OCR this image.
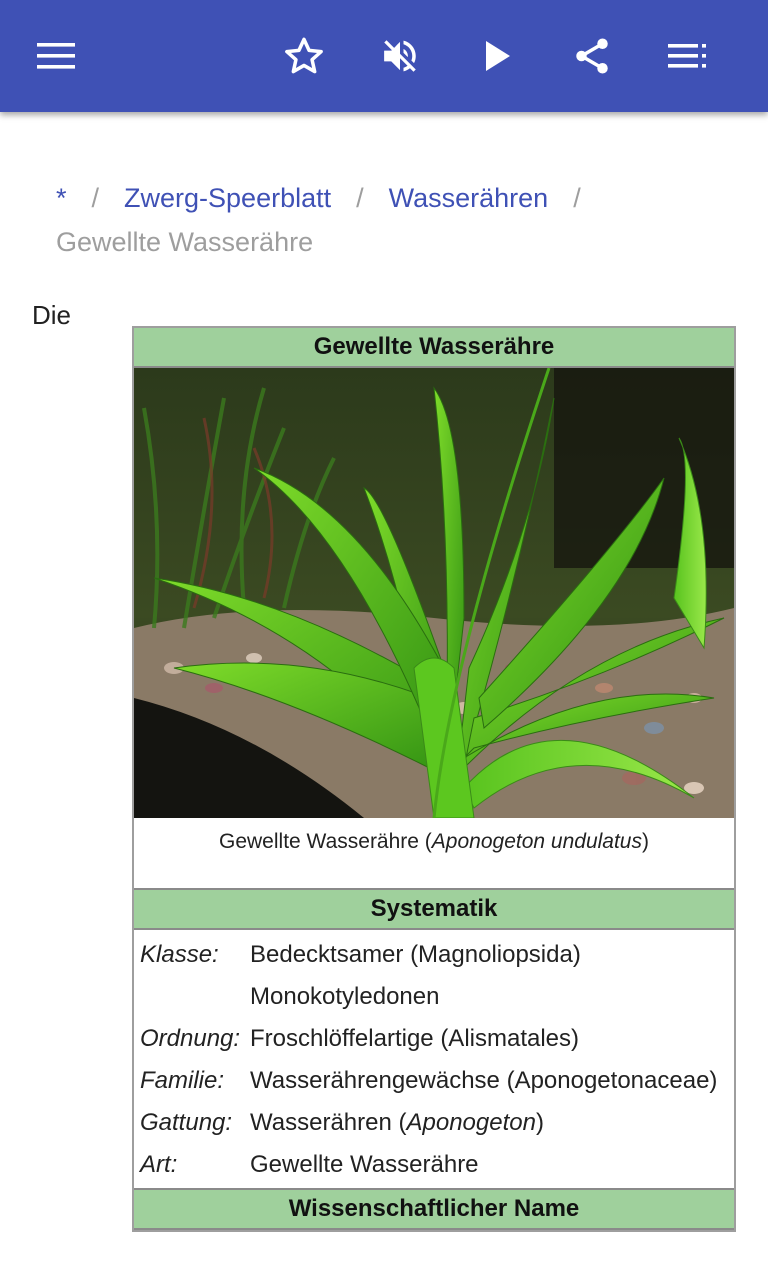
* / Zwerg-Speerblatt / Wasserähren /
Gewellte Wasserähre
Die
Gewellte Wasserähre
Gewellte Wasserähre (Aponogeton undulatus)
Systematik
Klasse:	Bedecktsamer (Magnoliopsida)
Monokotyledonen
Ordnung: Froschlöffelartige (Alismatales)
Familie:	Wasserährengewächse (Aponogetonaceae)
Gattung: Wasserähren (Aponogeton)
Art:	Gewellte Wasserähre
Wissenschaftlicher Name
